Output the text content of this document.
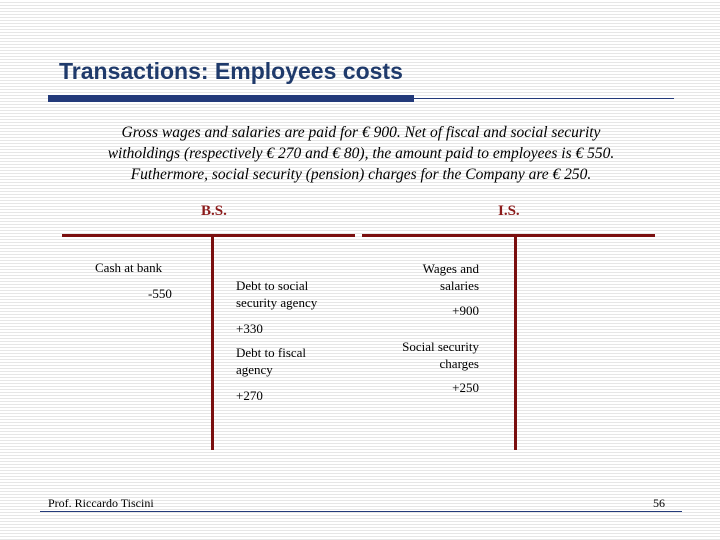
Transactions: Employees costs
Gross wages and salaries are paid for € 900. Net of fiscal and social security
witholdings (respectively € 270 and € 80), the amount paid to employees is € 550.
Futhermore, social security (pension) charges for the Company are € 250.
B.S.	I.S.
Cash at bank
-550
Debt to social
security agency
+330
Debt to fiscal
agency
+270
Wages and
salaries
+900
Social security
charges
+250
Prof. Riccardo Tiscini	56
